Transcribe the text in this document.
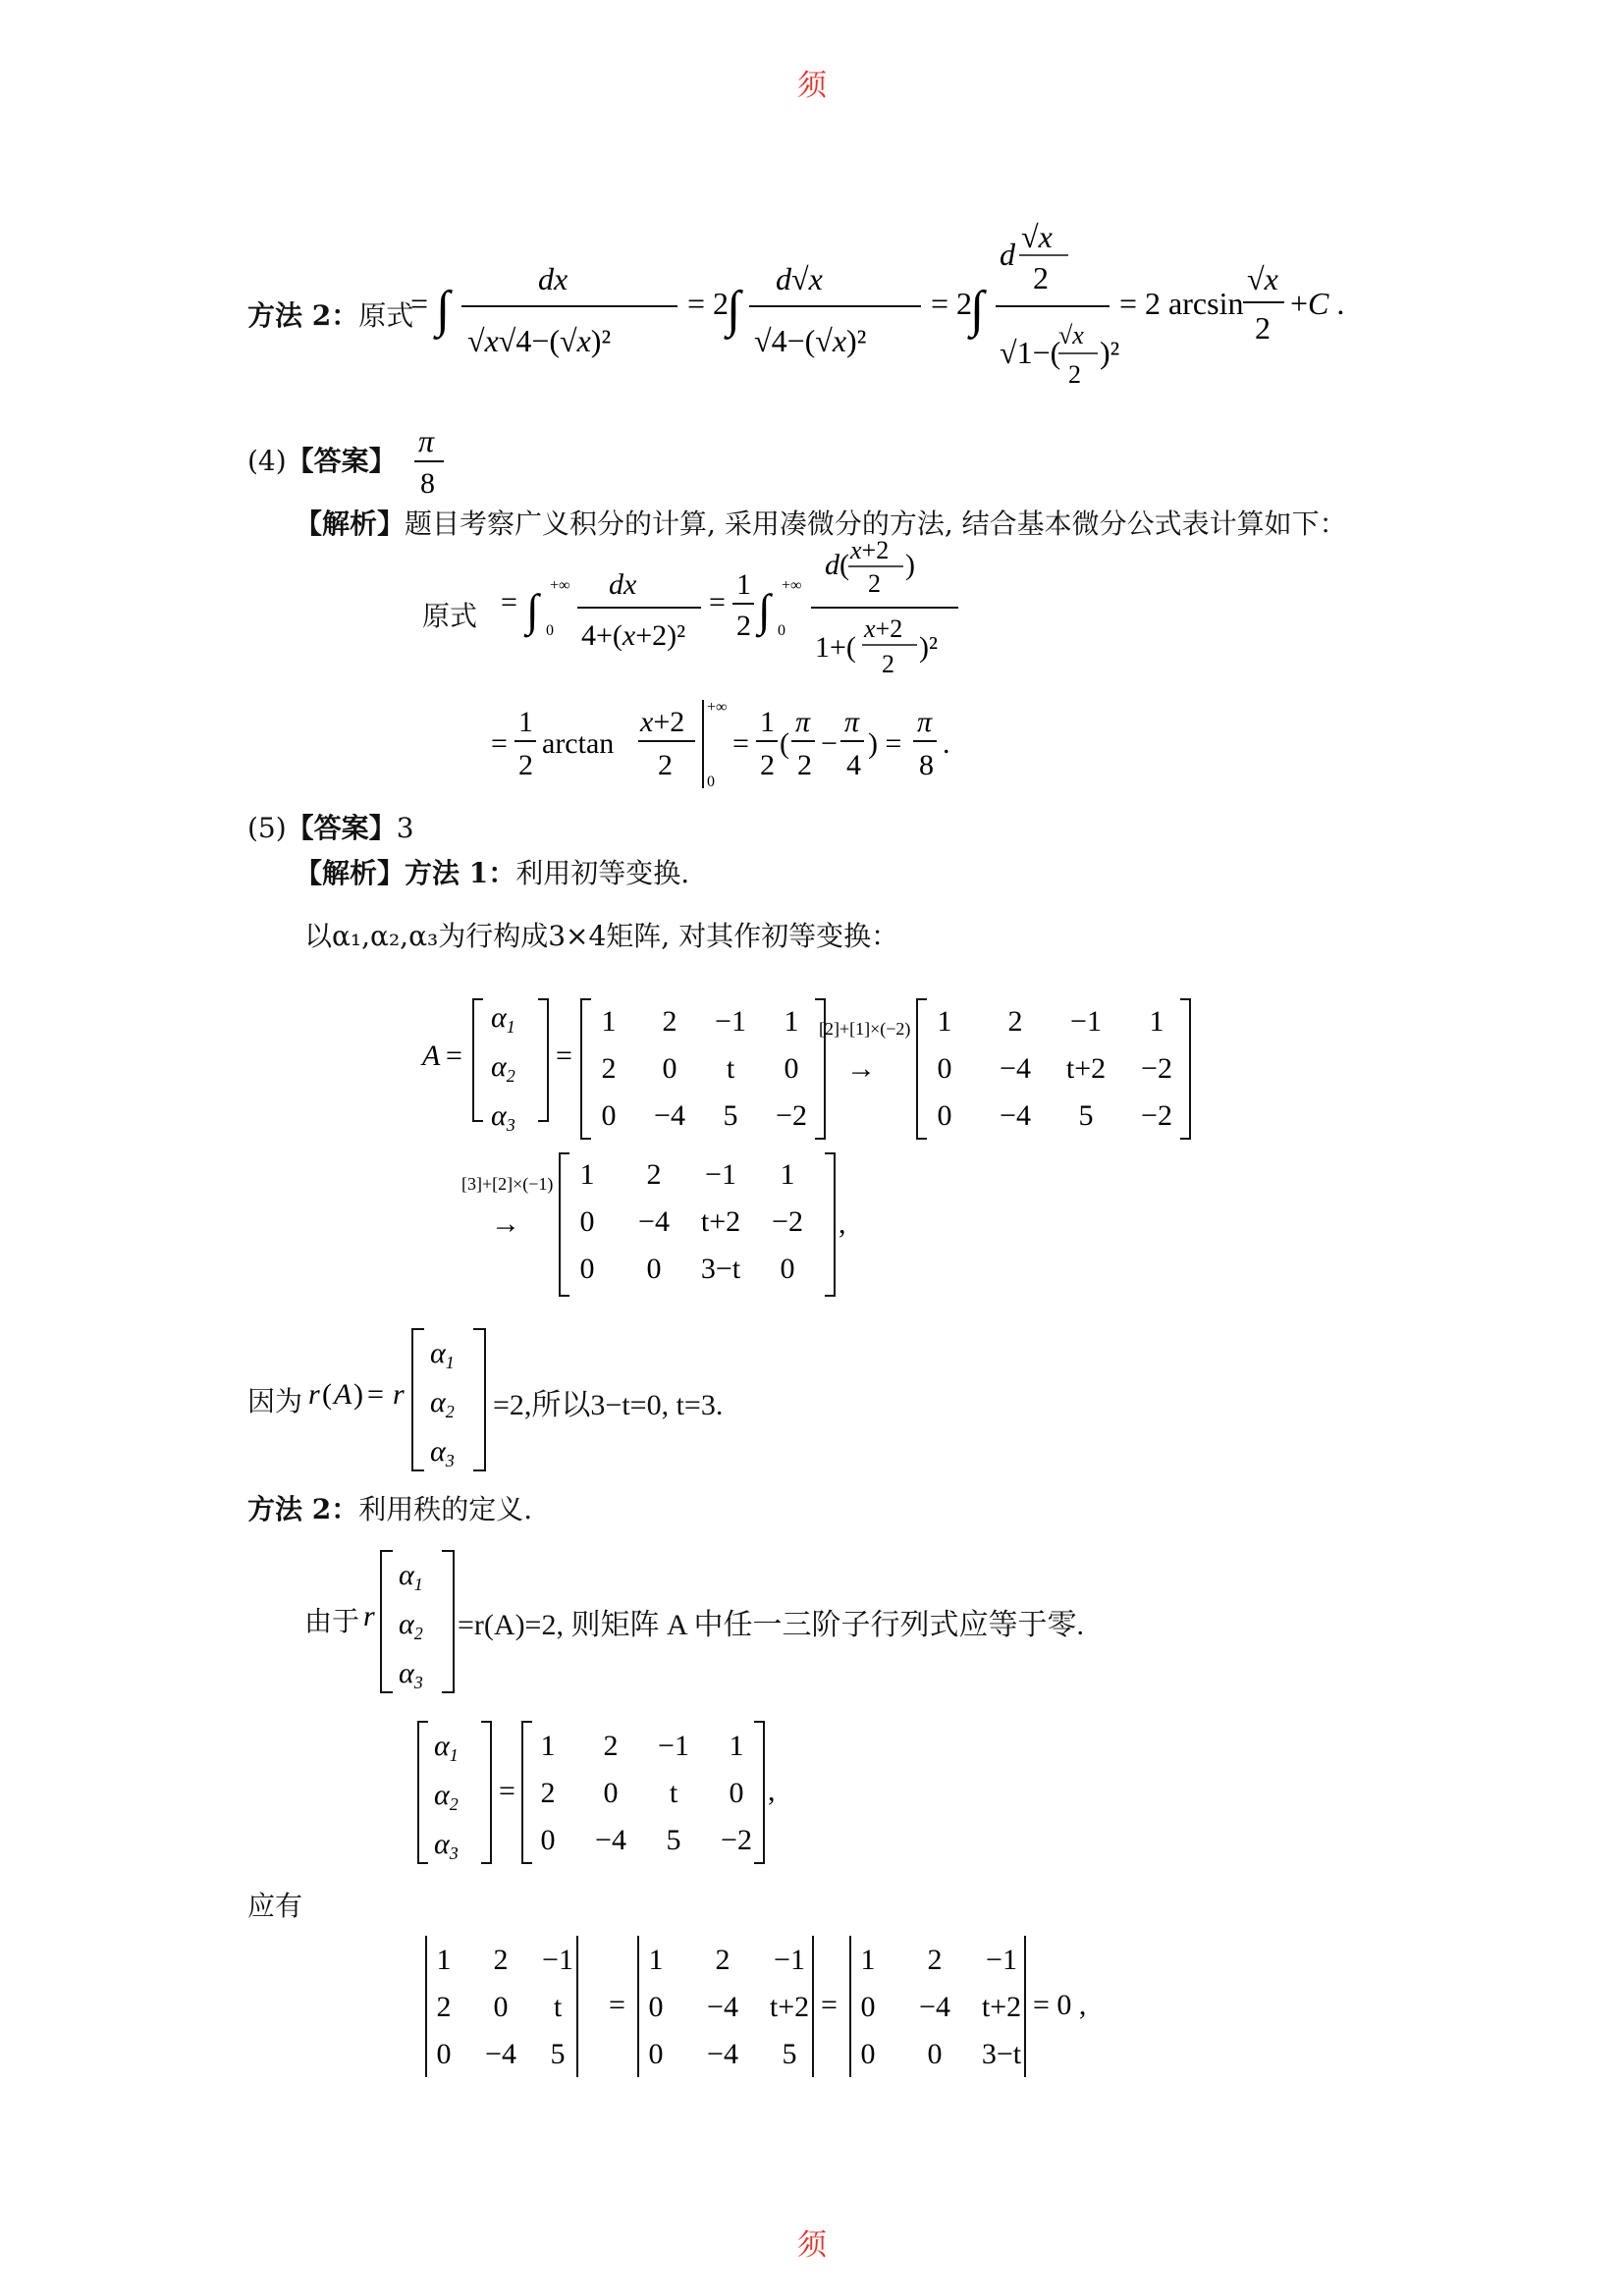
须
方法 2：原式
= ∫
dx
√x√4−(√x)²
= 2
∫
d√x
√4−(√x)²
= 2
∫
d √x
2
√1−(
√x
2
)²
= 2 arcsin
√x
2
+C .
(4)【答案】
π
8
【解析】题目考察广义积分的计算, 采用凑微分的方法, 结合基本微分公式表计算如下：
原式 = ∫ +∞
0
dx
4+(x+2)²
=
1
2 ∫ +∞
0
d( x+2
2
)
1+(
x+2
2
)²
=
1
2
arctan
x+2
2
+∞
0
=
1
2
(
π
2
−
π
4
) =
π
8
.
(5)【答案】3
【解析】方法 1：利用初等变换.
以α₁,α₂,α₃为行构成3×4矩阵, 对其作初等变换：
A =
$\alpha_1$
$\alpha_2$
$\alpha_3$
=
1 2 −1 1
2 0 t 0
0 −4 5 −2
[2]+[1]×(−2)
→
1 2 −1 1
0 −4 t+2 −2
0 −4 5 −2
[3]+[2]×(−1)
→
1 2 −1 1
0 −4 t+2 −2
0 0 3−t 0
,
因为 r ( A ) = r
$\alpha_1$
$\alpha_2$
$\alpha_3$
=2,所以3−t=0, t=3.
方法 2：利用秩的定义.
由于 r
$\alpha_1$
$\alpha_2$
$\alpha_3$
=r(A)=2, 则矩阵 A 中任一三阶子行列式应等于零.
$\alpha_1$
$\alpha_2$
$\alpha_3$
=
1 2 −1 1
2 0 t 0
0 −4 5 −2
,
应有
1 2 −1
2 0 t
0 −4 5
=
1 2 −1
0 −4 t+2
0 −4 5
=
1 2 −1
0 −4 t+2
0 0 3−t
= 0 ,
须
